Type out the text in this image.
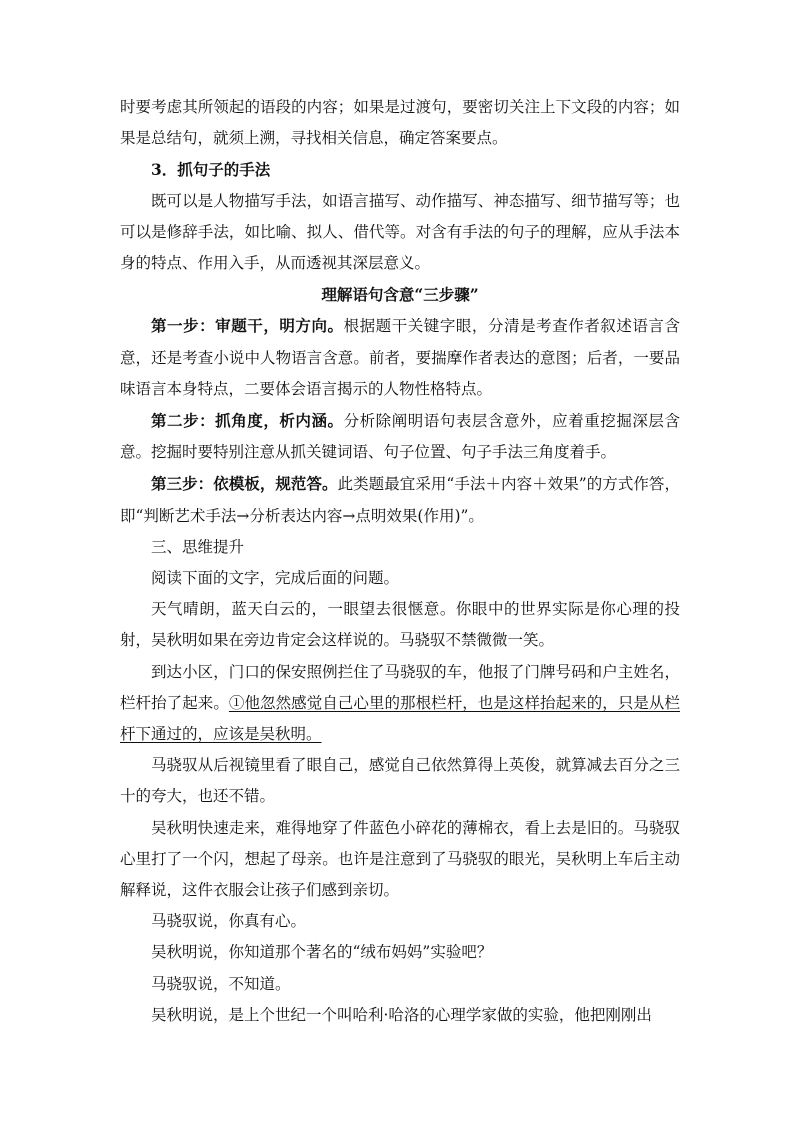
时要考虑其所领起的语段的内容；如果是过渡句，要密切关注上下文段的内容；如果是总结句，就须上溯，寻找相关信息，确定答案要点。

3．抓句子的手法

既可以是人物描写手法，如语言描写、动作描写、神态描写、细节描写等；也可以是修辞手法，如比喻、拟人、借代等。对含有手法的句子的理解，应从手法本身的特点、作用入手，从而透视其深层意义。

理解语句含意“三步骤”

第一步：审题干，明方向。根据题干关键字眼，分清是考查作者叙述语言含意，还是考查小说中人物语言含意。前者，要揣摩作者表达的意图；后者，一要品味语言本身特点，二要体会语言揭示的人物性格特点。

第二步：抓角度，析内涵。分析除阐明语句表层含意外，应着重挖掘深层含意。挖掘时要特别注意从抓关键词语、句子位置、句子手法三角度着手。

第三步：依模板，规范答。此类题最宜采用“手法＋内容＋效果”的方式作答，即“判断艺术手法→分析表达内容→点明效果(作用)”。

三、思维提升

阅读下面的文字，完成后面的问题。

天气晴朗，蓝天白云的，一眼望去很惬意。你眼中的世界实际是你心理的投射，吴秋明如果在旁边肯定会这样说的。马骁驭不禁微微一笑。

到达小区，门口的保安照例拦住了马骁驭的车，他报了门牌号码和户主姓名，栏杆抬了起来。①他忽然感觉自己心里的那根栏杆，也是这样抬起来的，只是从栏杆下通过的，应该是吴秋明。

马骁驭从后视镜里看了眼自己，感觉自己依然算得上英俊，就算减去百分之三十的夸大，也还不错。

吴秋明快速走来，难得地穿了件蓝色小碎花的薄棉衣，看上去是旧的。马骁驭心里打了一个闪，想起了母亲。也许是注意到了马骁驭的眼光，吴秋明上车后主动解释说，这件衣服会让孩子们感到亲切。

马骁驭说，你真有心。

吴秋明说，你知道那个著名的“绒布妈妈”实验吧？

马骁驭说，不知道。

吴秋明说，是上个世纪一个叫哈利·哈洛的心理学家做的实验，他把刚刚出
